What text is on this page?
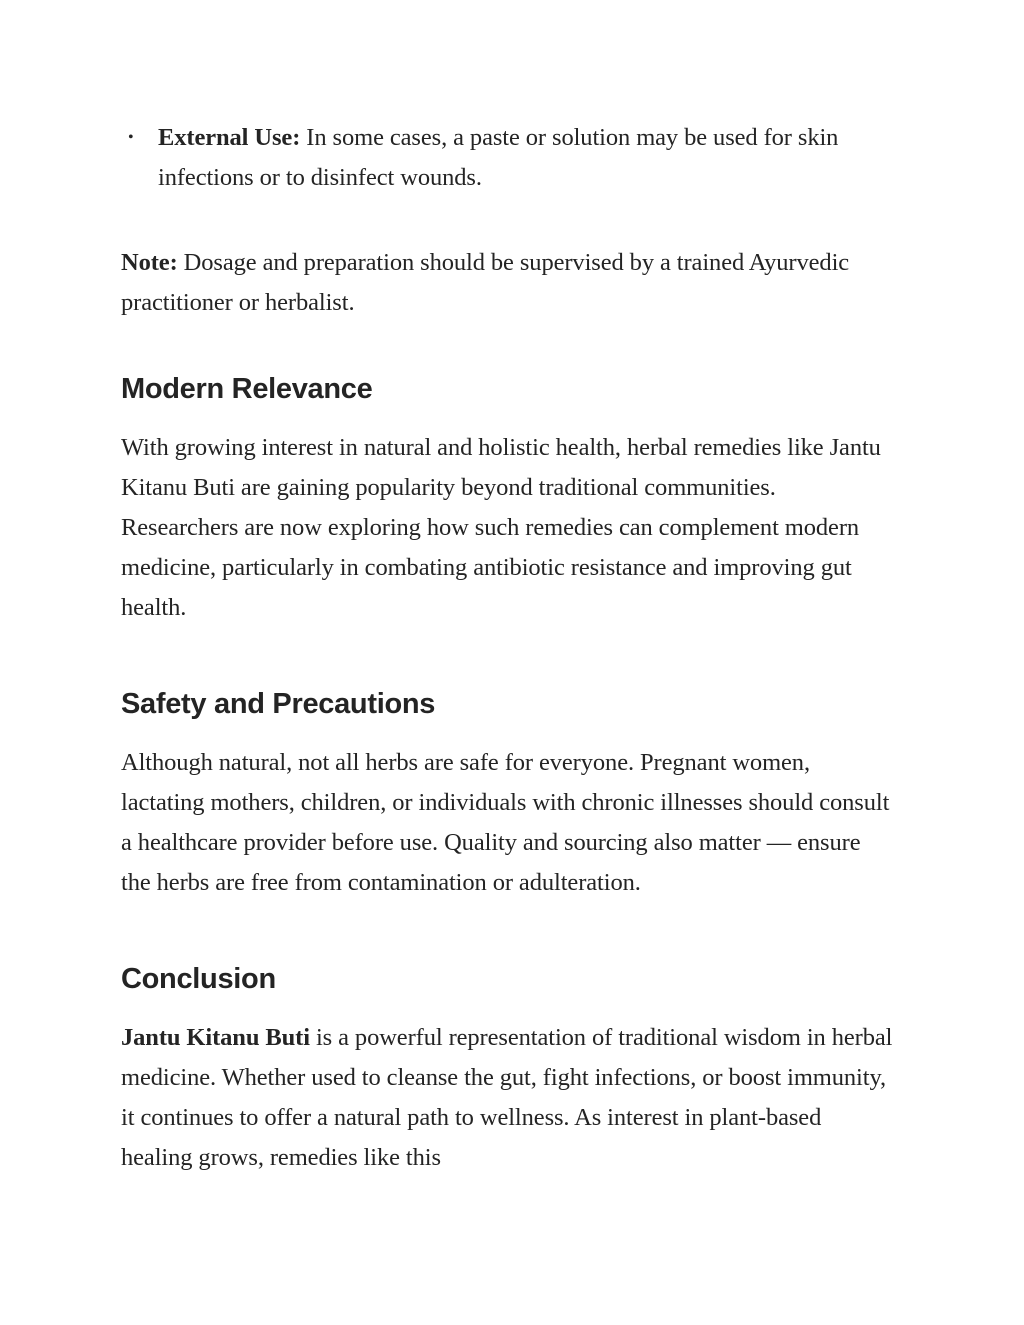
• External Use: In some cases, a paste or solution may be used for skin infections or to disinfect wounds.

Note: Dosage and preparation should be supervised by a trained Ayurvedic practitioner or herbalist.

Modern Relevance

With growing interest in natural and holistic health, herbal remedies like Jantu Kitanu Buti are gaining popularity beyond traditional communities. Researchers are now exploring how such remedies can complement modern medicine, particularly in combating antibiotic resistance and improving gut health.

Safety and Precautions

Although natural, not all herbs are safe for everyone. Pregnant women, lactating mothers, children, or individuals with chronic illnesses should consult a healthcare provider before use. Quality and sourcing also matter — ensure the herbs are free from contamination or adulteration.

Conclusion

Jantu Kitanu Buti is a powerful representation of traditional wisdom in herbal medicine. Whether used to cleanse the gut, fight infections, or boost immunity, it continues to offer a natural path to wellness. As interest in plant-based healing grows, remedies like this
